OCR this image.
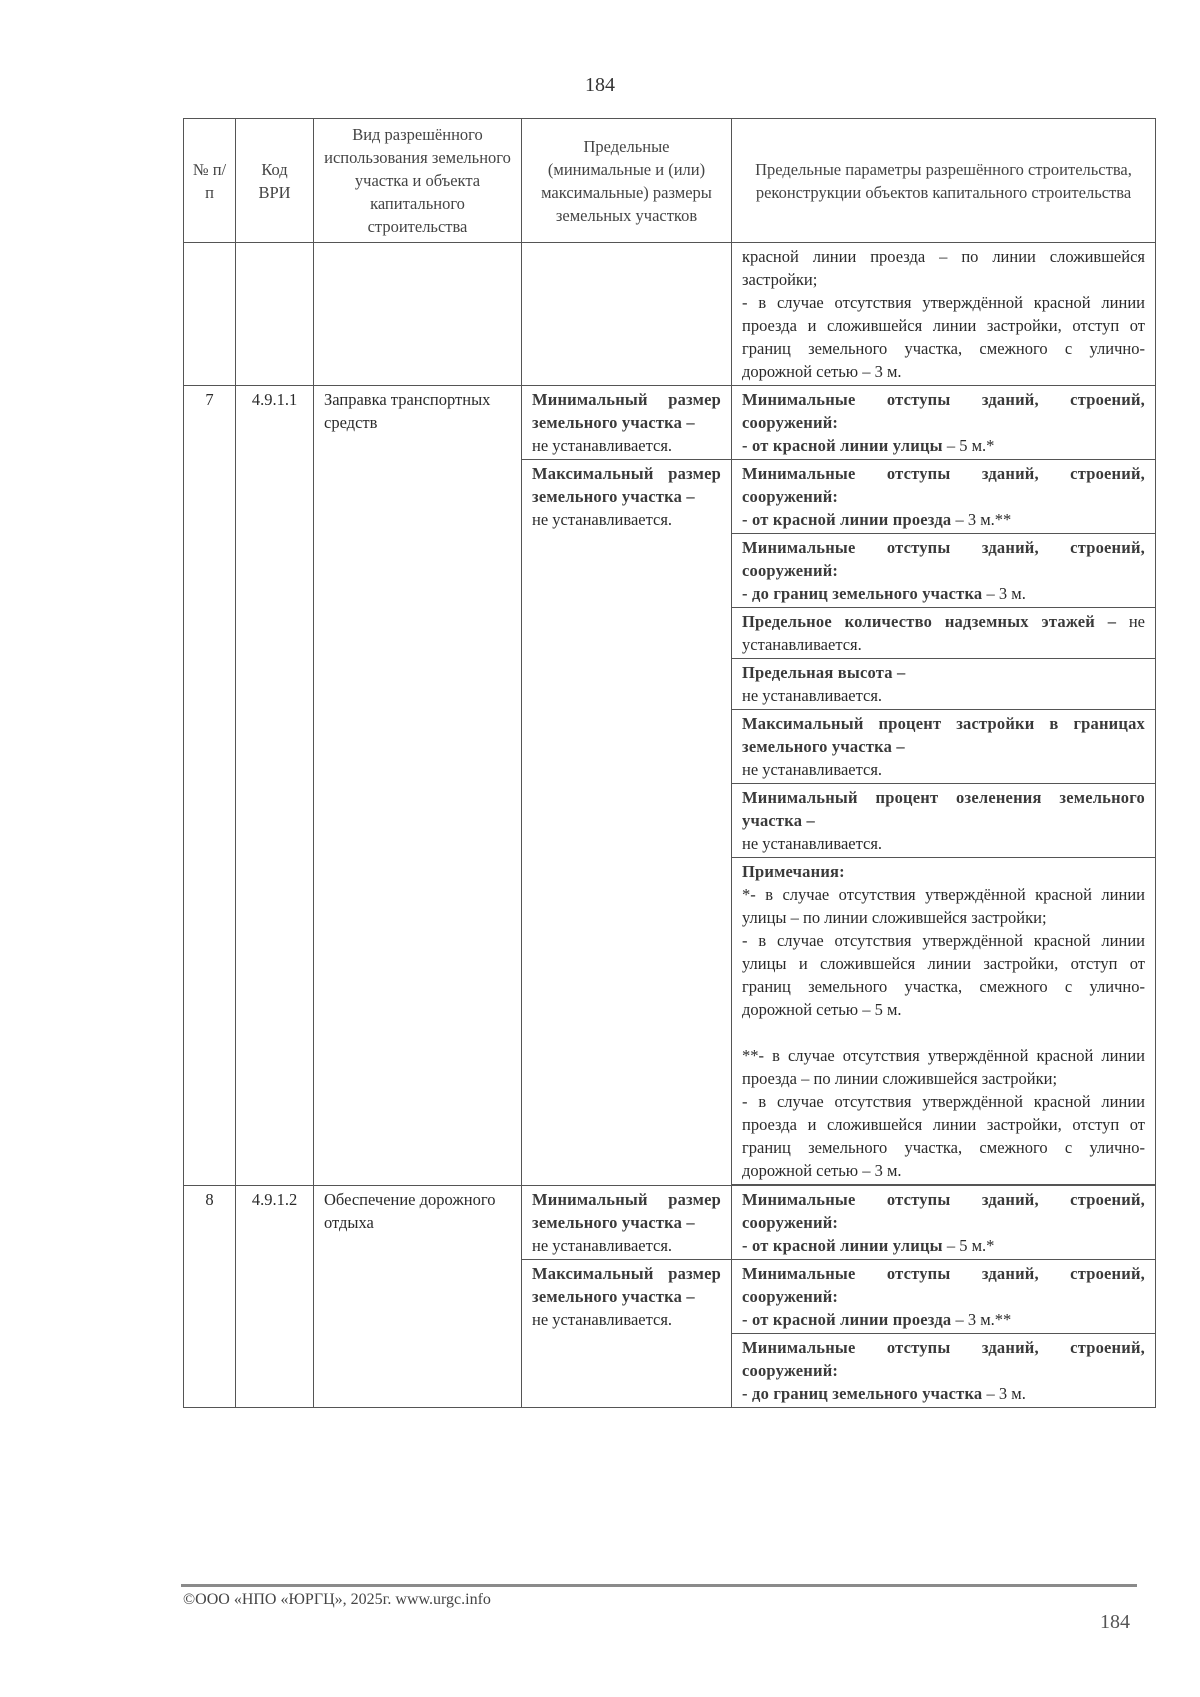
184
№ п/п	Код ВРИ	Вид разрешённого использования земельного участка и объекта капитального строительства	Предельные (минимальные и (или) максимальные) размеры земельных участков	Предельные параметры разрешённого строительства, реконструкции объектов капитального строительства
				красной линии проезда – по линии сложившейся застройки;
- в случае отсутствия утверждённой красной линии проезда и сложившейся линии застройки, отступ от границ земельного участка, смежного с улично-дорожной сетью – 3 м.
7	4.9.1.1	Заправка транспортных средств	Минимальный размер земельного участка –
не устанавливается.	Минимальные отступы зданий, строений, сооружений:
- от красной линии улицы – 5 м.*
			Максимальный размер земельного участка –
не устанавливается.	Минимальные отступы зданий, строений, сооружений:
- от красной линии проезда – 3 м.**
				Минимальные отступы зданий, строений, сооружений:
- до границ земельного участка – 3 м.
				Предельное количество надземных этажей – не устанавливается.
				Предельная высота –
не устанавливается.
				Максимальный процент застройки в границах земельного участка –
не устанавливается.
				Минимальный процент озеленения земельного участка –
не устанавливается.

				Примечания:

*- в случае отсутствия утверждённой красной линии улицы – по линии сложившейся застройки;

- в случае отсутствия утверждённой красной линии улицы и сложившейся линии застройки, отступ от границ земельного участка, смежного с улично-дорожной сетью – 5 м.

**- в случае отсутствия утверждённой красной линии проезда – по линии сложившейся застройки;

- в случае отсутствия утверждённой красной линии проезда и сложившейся линии застройки, отступ от границ земельного участка, смежного с улично-дорожной сетью – 3 м.

8	4.9.1.2	Обеспечение дорожного отдыха	Минимальный размер земельного участка –
не устанавливается.	Минимальные отступы зданий, строений, сооружений:
- от красной линии улицы – 5 м.*
			Максимальный размер земельного участка –
не устанавливается.	Минимальные отступы зданий, строений, сооружений:
- от красной линии проезда – 3 м.**
				Минимальные отступы зданий, строений, сооружений:
- до границ земельного участка – 3 м.
©ООО «НПО «ЮРГЦ», 2025г. www.urgc.info
184
